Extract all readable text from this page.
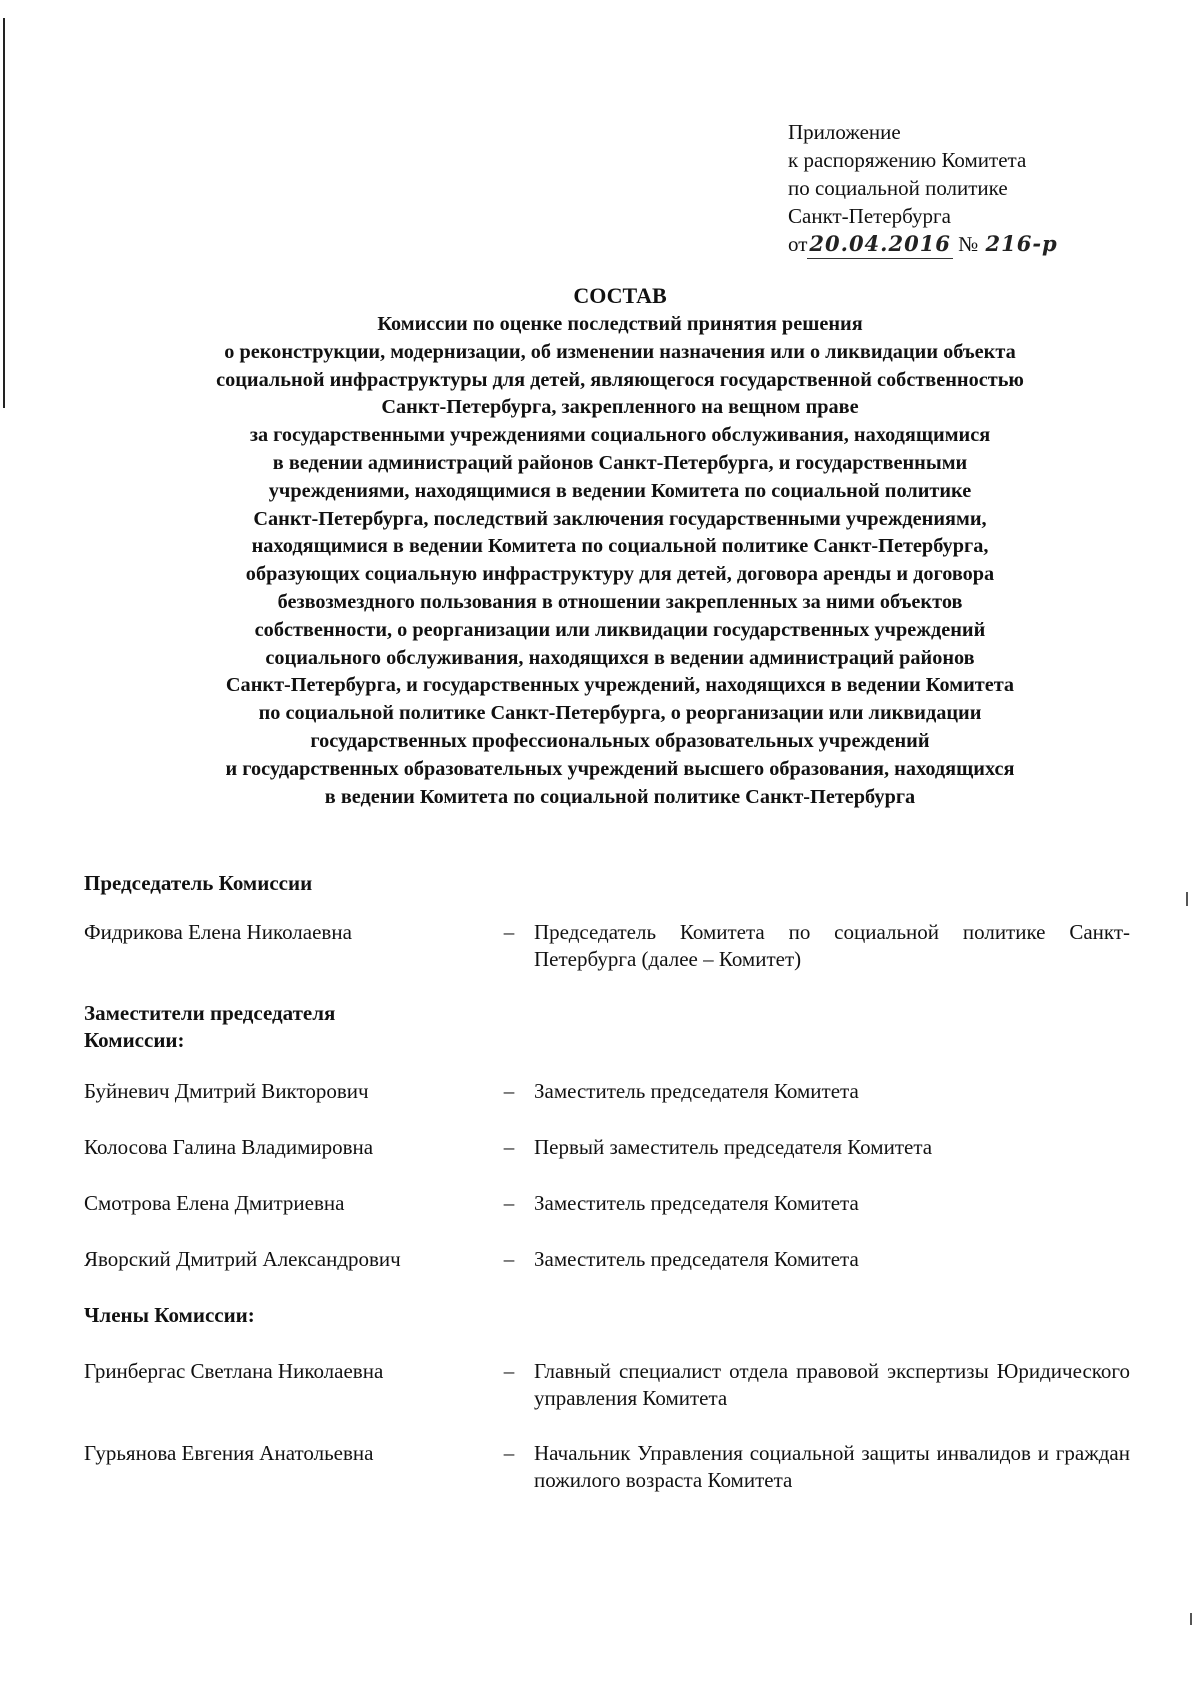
Приложение
к распоряжению Комитета
по социальной политике
Санкт-Петербурга
от20.04.2016 № 216-р
СОСТАВ
Комиссии по оценке последствий принятия решения
о реконструкции, модернизации, об изменении назначения или о ликвидации объекта
социальной инфраструктуры для детей, являющегося государственной собственностью
Санкт-Петербурга, закрепленного на вещном праве
за государственными учреждениями социального обслуживания, находящимися
в ведении администраций районов Санкт-Петербурга, и государственными
учреждениями, находящимися в ведении Комитета по социальной политике
Санкт-Петербурга, последствий заключения государственными учреждениями,
находящимися в ведении Комитета по социальной политике Санкт-Петербурга,
образующих социальную инфраструктуру для детей, договора аренды и договора
безвозмездного пользования в отношении закрепленных за ними объектов
собственности, о реорганизации или ликвидации государственных учреждений
социального обслуживания, находящихся в ведении администраций районов
Санкт-Петербурга, и государственных учреждений, находящихся в ведении Комитета
по социальной политике Санкт-Петербурга, о реорганизации или ликвидации
государственных профессиональных образовательных учреждений
и государственных образовательных учреждений высшего образования, находящихся
в ведении Комитета по социальной политике Санкт-Петербурга
Председатель Комиссии
Фидрикова Елена Николаевна	– Председатель Комитета по социальной политике Санкт-Петербурга (далее – Комитет)
Заместители председателя
Комиссии:
Буйневич Дмитрий Викторович	– Заместитель председателя Комитета
Колосова Галина Владимировна	– Первый заместитель председателя Комитета
Смотрова Елена Дмитриевна	– Заместитель председателя Комитета
Яворский Дмитрий Александрович	– Заместитель председателя Комитета
Члены Комиссии:
Гринбергас Светлана Николаевна	– Главный специалист отдела правовой экспертизы Юридического управления Комитета
Гурьянова Евгения Анатольевна	– Начальник Управления социальной защиты инвалидов и граждан пожилого возраста Комитета
